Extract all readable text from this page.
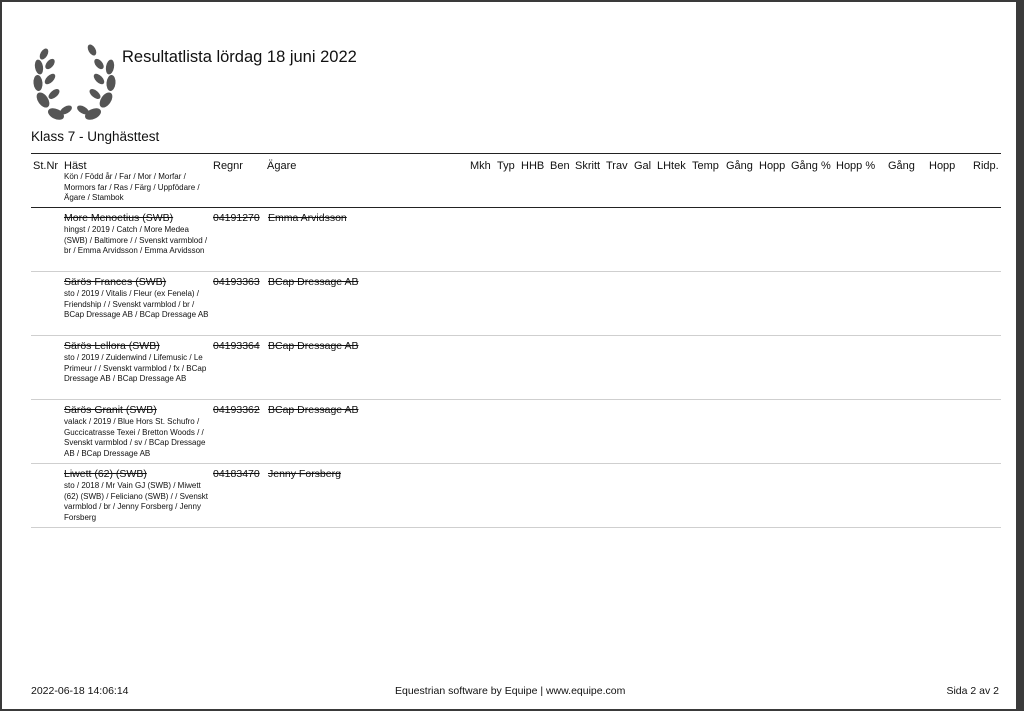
Resultatlista lördag 18 juni 2022
Klass 7 - Unghästtest
St.Nr Häst
Kön / Född år / Far / Mor / Morfar / Mormors far / Ras / Färg / Uppfödare / Ägare / Stambok
Regnr Ägare	Mkh Typ HHB Ben Skritt Trav Gal LHtek Temp Gång Hopp Gång % Hopp % Gång Hopp Ridp.
More Menoetius (SWB)	04191270 Emma Arvidsson
hingst / 2019 / Catch / More Medea (SWB) / Baltimore / / Svenskt varmblod / br / Emma Arvidsson / Emma Arvidsson
Särös Frances (SWB)	04193363 BCap Dressage AB
sto / 2019 / Vitalis / Fleur (ex Fenela) / Friendship / / Svenskt varmblod / br / BCap Dressage AB / BCap Dressage AB
Särös Lellora (SWB)	04193364 BCap Dressage AB
sto / 2019 / Zuidenwind / Lifemusic / Le Primeur / / Svenskt varmblod / fx / BCap Dressage AB / BCap Dressage AB
Särös Granit (SWB)	04193362 BCap Dressage AB
valack / 2019 / Blue Hors St. Schufro / Guccicatrasse Texei / Bretton Woods / / Svenskt varmblod / sv / BCap Dressage AB / BCap Dressage AB
Liwett (62) (SWB)	04183470 Jenny Forsberg
sto / 2018 / Mr Vain GJ (SWB) / Miwett (62) (SWB) / Feliciano (SWB) / / Svenskt varmblod / br / Jenny Forsberg / Jenny Forsberg
2022-06-18 14:06:14	Equestrian software by Equipe | www.equipe.com	Sida 2 av 2
